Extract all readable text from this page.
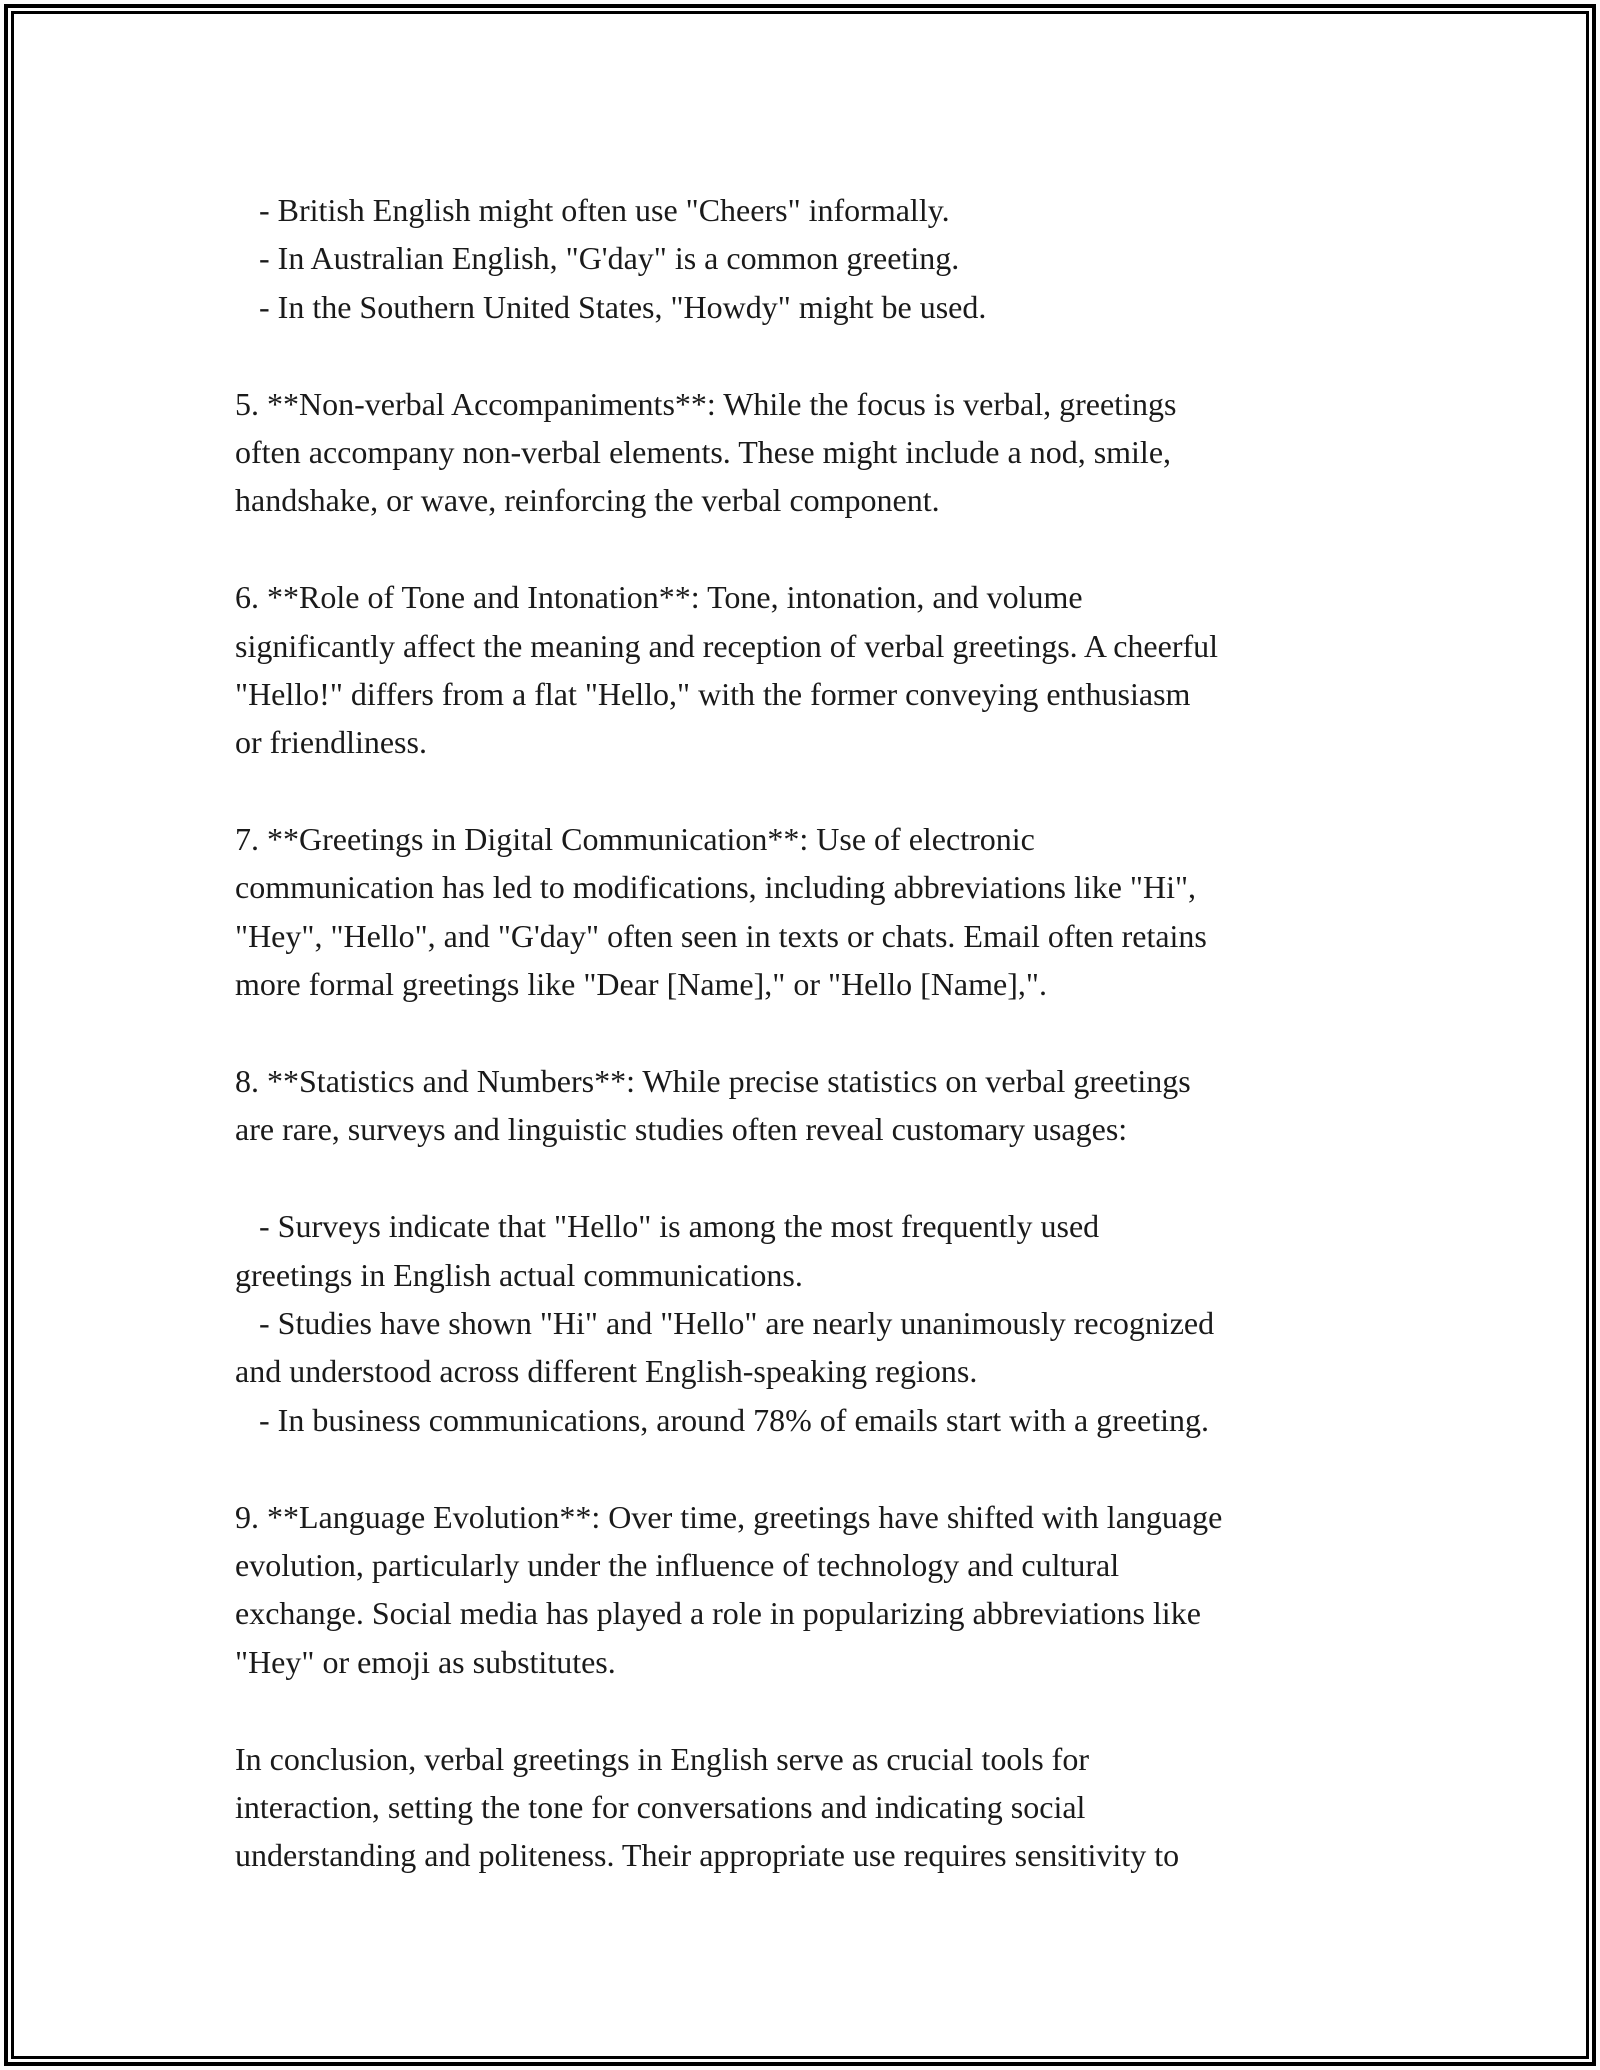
- British English might often use "Cheers" informally.
- In Australian English, "G'day" is a common greeting.
- In the Southern United States, "Howdy" might be used.
5. **Non-verbal Accompaniments**: While the focus is verbal, greetings
often accompany non-verbal elements. These might include a nod, smile,
handshake, or wave, reinforcing the verbal component.
6. **Role of Tone and Intonation**: Tone, intonation, and volume
significantly affect the meaning and reception of verbal greetings. A cheerful
"Hello!" differs from a flat "Hello," with the former conveying enthusiasm
or friendliness.
7. **Greetings in Digital Communication**: Use of electronic
communication has led to modifications, including abbreviations like "Hi",
"Hey", "Hello", and "G'day" often seen in texts or chats. Email often retains
more formal greetings like "Dear [Name]," or "Hello [Name],".
8. **Statistics and Numbers**: While precise statistics on verbal greetings
are rare, surveys and linguistic studies often reveal customary usages:
- Surveys indicate that "Hello" is among the most frequently used
greetings in English actual communications.
- Studies have shown "Hi" and "Hello" are nearly unanimously recognized
and understood across different English-speaking regions.
- In business communications, around 78% of emails start with a greeting.
9. **Language Evolution**: Over time, greetings have shifted with language
evolution, particularly under the influence of technology and cultural
exchange. Social media has played a role in popularizing abbreviations like
"Hey" or emoji as substitutes.
In conclusion, verbal greetings in English serve as crucial tools for
interaction, setting the tone for conversations and indicating social
understanding and politeness. Their appropriate use requires sensitivity to
